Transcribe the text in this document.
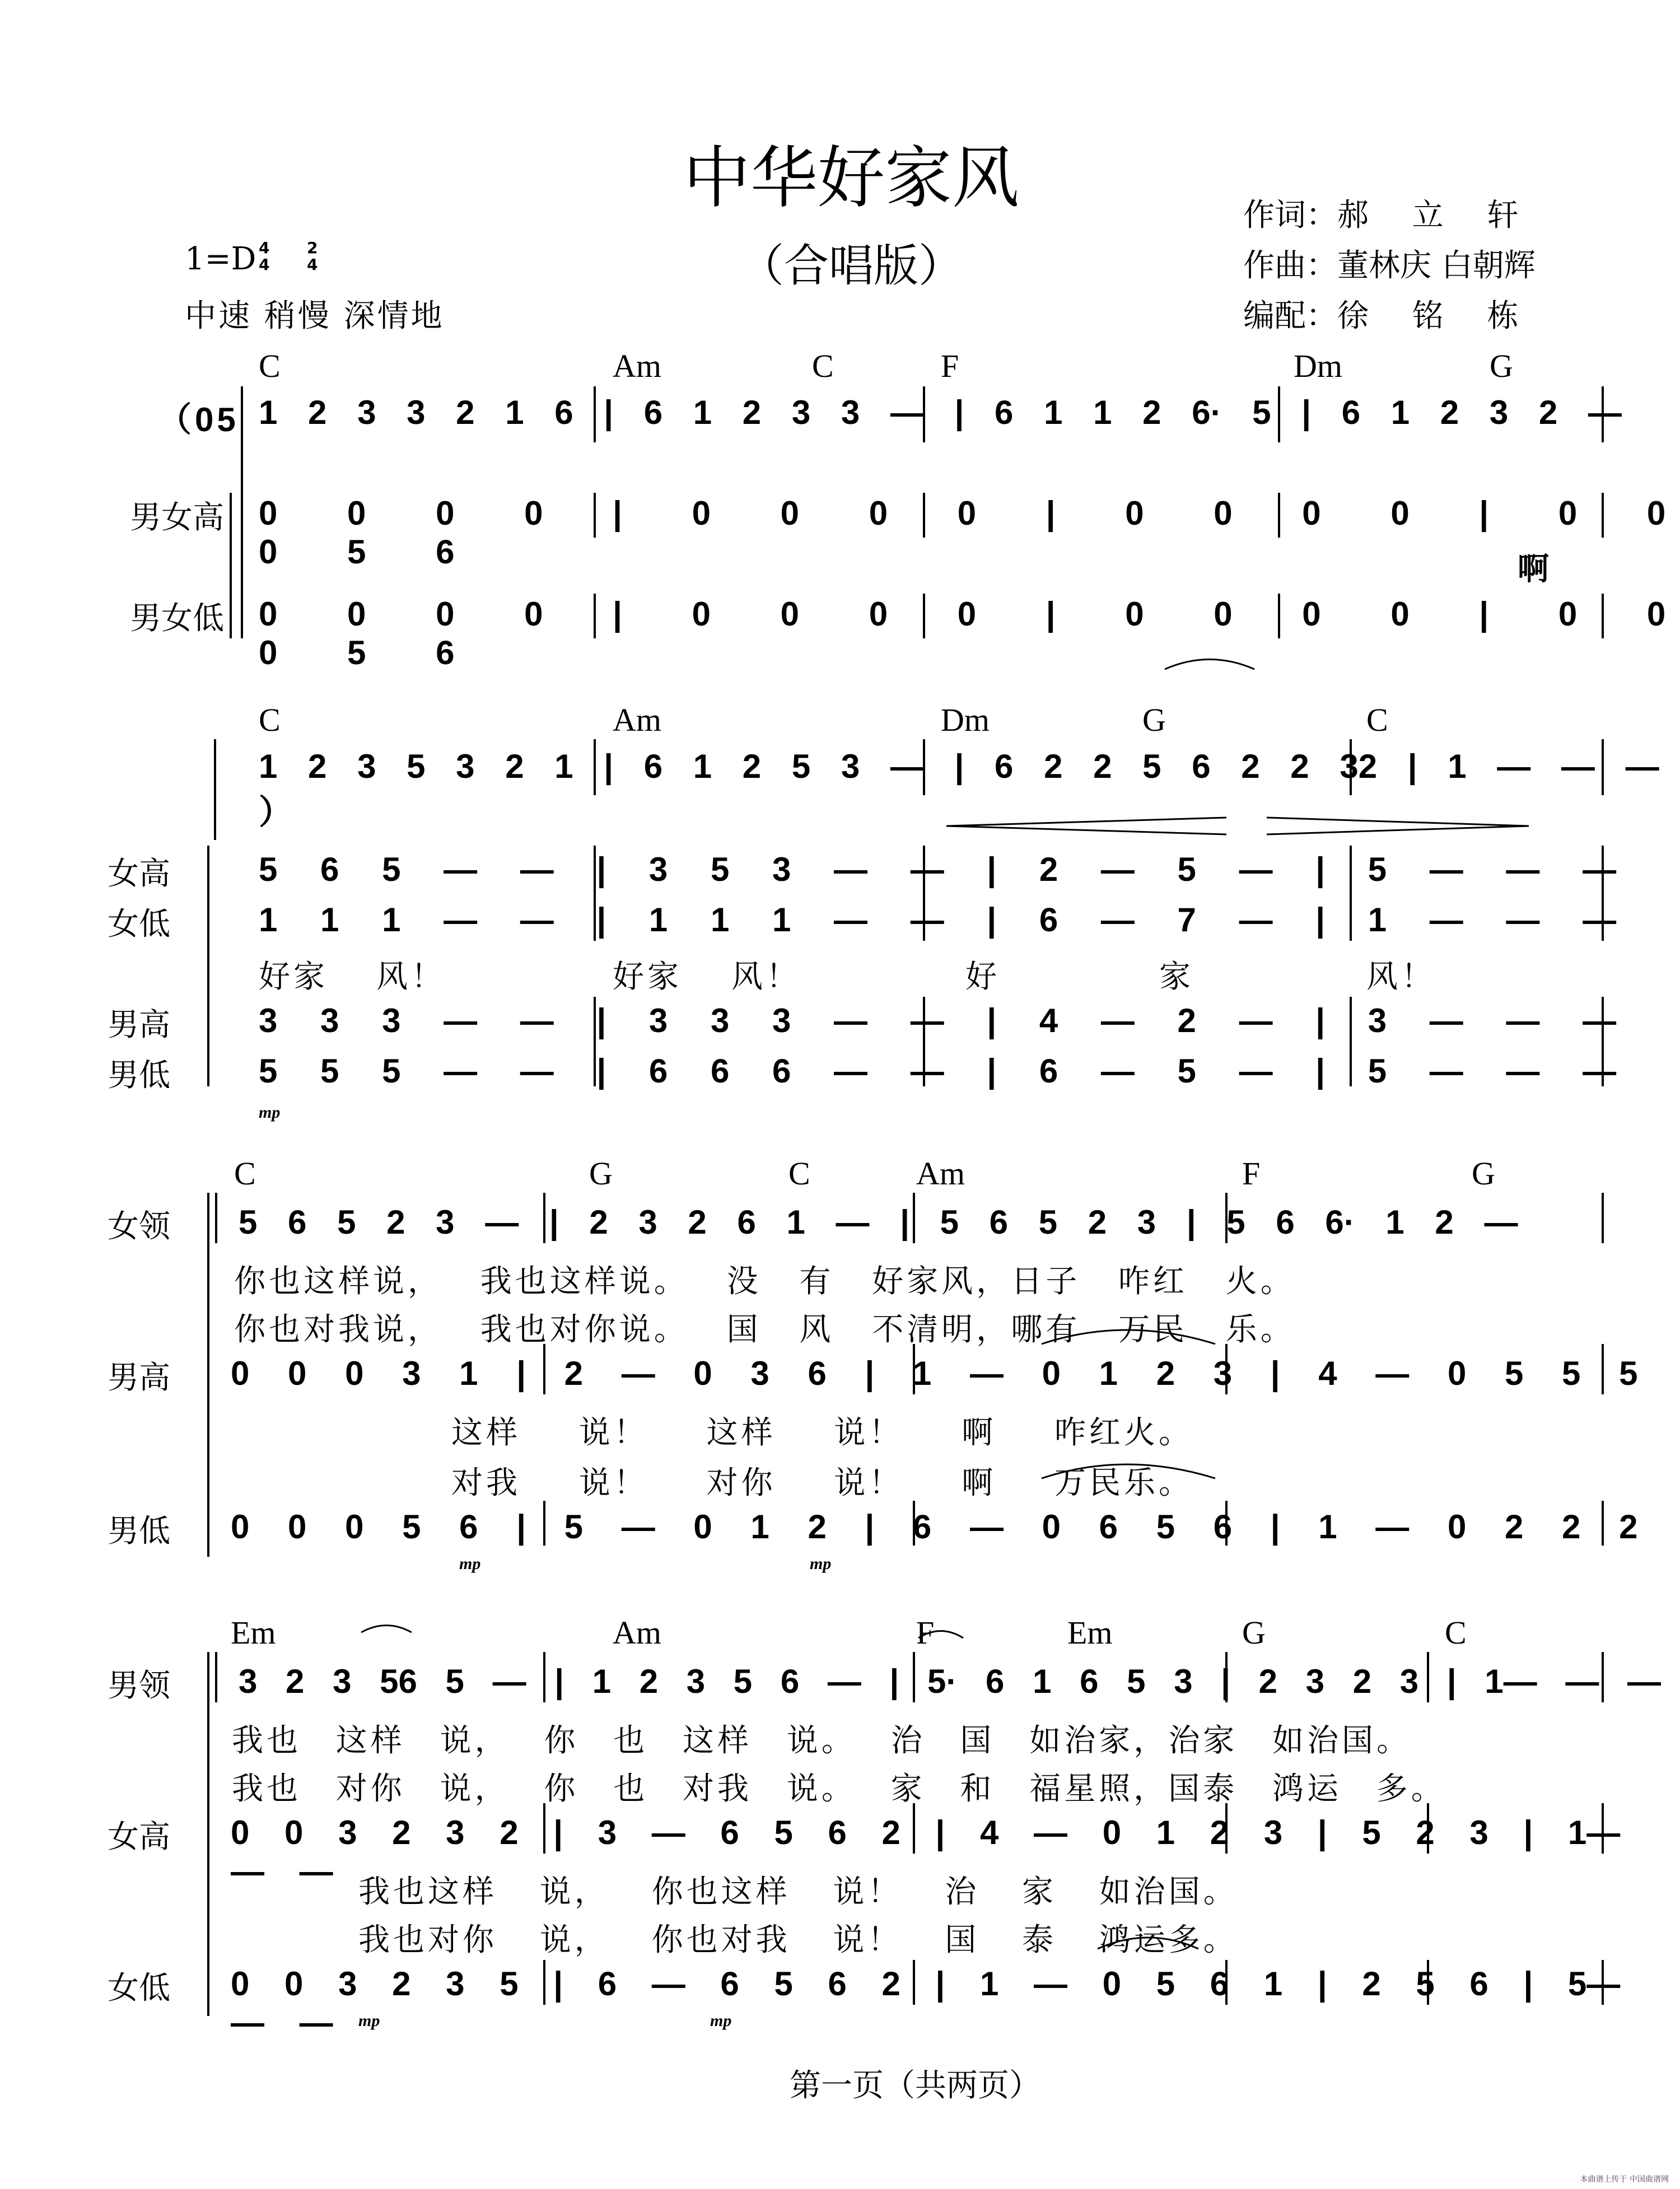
中华好家风
（合唱版）
1=D 4
4
2
4
中速 稍慢 深情地
作词：郝 立 轩
作曲：董林庆 白朝辉
编配：徐 铭 栋
C	Am	C	F	Dm	G
（05 1 2 3 3 2 1 6 | 6 1 2 3 3 — | 6 1 1 2 6· 5 | 6 1 2 3 2 —
男女高 0 0 0 0 | 0 0 0 0 | 0 0 0 0 | 0 0 0 5 6	啊
男女低 0 0 0 0 | 0 0 0 0 | 0 0 0 0 | 0 0 0 5 6
C	Am	Dm	G	C
1 2 3 5 3 2 1 | 6 1 2 5 3 — | 6 2 2 5 6 2 2 32 | 1 — — — ）
女高	5 6 5 — — | 3 5 3 — — | 2 — 5 — | 5 — — —
女低	1 1 1 — — | 1 1 1 — — | 6 — 7 — | 1 — — —
好家 风！	好家 风！	好	家	风！
男高	3 3 3 — — | 3 3 3 — — | 4 — 2 — | 3 — — —
男低	5 5 5 — — | 6 6 6 — — | 6 — 5 — | 5 — — —
mp
C	G	C	Am	F	G
女领 5 6 5 2 3 — | 2 3 2 6 1 — | 5 6 5 2 3 | 5 6 6· 1 2 —
你也这样说， 我也这样说。 没 有 好家风，日子 咋红 火。
你也对我说， 我也对你说。 国 风 不清明，哪有 万民 乐。
男高 0 0 0 3 1 | 2 — 0 3 6 | 1 — 0 1 2 3 | 4 — 0 5 5 5
这样 说！ 这样 说！ 啊 咋红火。
对我 说！ 对你 说！ 啊 万民乐。
男低 0 0 0 5 6 | 5 — 0 1 2 | 6 — 0 6 5 6 | 1 — 0 2 2 2
mp	mp
Em	Am	F	Em	G	C
男领 3 2 3 56 5 — | 1 2 3 5 6 — | 5· 6 1 6 5 3 | 2 3 2 3 | 1— — —
我也 这样 说， 你 也 这样 说。 治 国 如治家，治家 如治国。
我也 对你 说， 你 也 对我 说。 家 和 福星照，国泰 鸿运 多。
女高 0 0 3 2 3 2 | 3 — 6 5 6 2 | 4 — 0 1 2 3 | 5 2 3 | 1— — —
我也这样 说， 你也这样 说！ 治 家 如治国。
我也对你 说， 你也对我 说！ 国 泰 鸿运多。
女低 0 0 3 2 3 5 | 6 — 6 5 6 2 | 1 — 0 5 6 1 | 2 5 6 | 5— — —	mp	mp
第一页（共两页）
本曲谱上传于 中国曲谱网
